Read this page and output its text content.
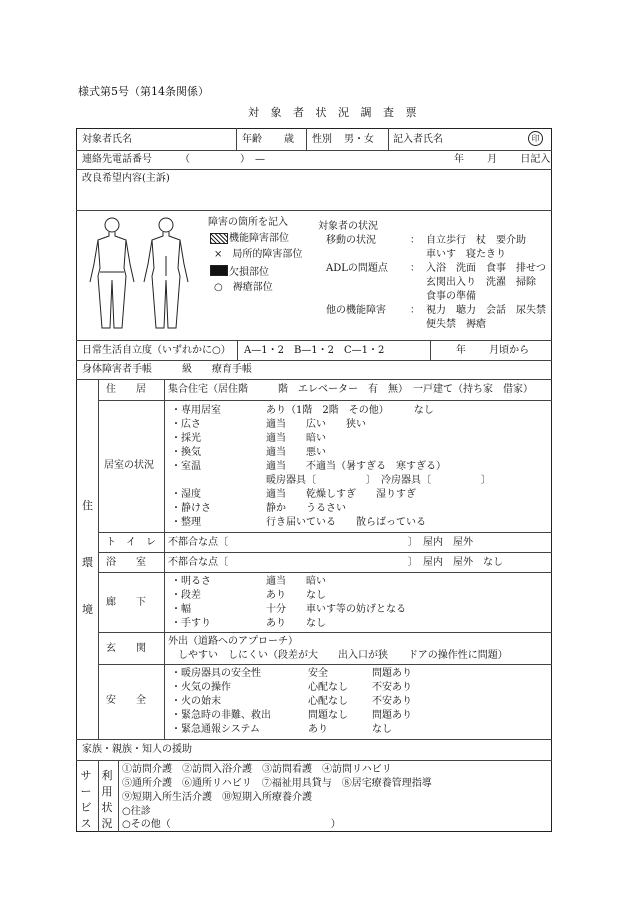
様式第5号（第14条関係）
対 象 者 状 況 調 査 票
対象者氏名	年齢 歳 性別 男・女 記入者氏名	印
連絡先電話番号	（　　　　　）　—	年　　 月　　 日記入
改良希望内容(主訴)
障害の箇所を記入
機能障害部位
×　局所的障害部位
欠損部位
○　褥瘡部位
対象者の状況
移動の状況	： 自立歩行　杖　要介助
車いす　寝たきり
ADLの問題点 ： 入浴　洗面　食事　排せつ
玄関出入り　洗濯　掃除
食事の準備
他の機能障害 ： 視力　聴力　会話　尿失禁
便失禁　褥瘡
日常生活自立度（いずれかに○） A—1・2　B—1・2　C—1・2	年　　 月頃から
身体障害者手帳　　　級　　療育手帳
住
環
境
住　　居 集合住宅（居住階　　　階　エレベーター　有　無）　一戸建て（持ち家　借家）
居室の状況
・専用居室	あり（1階　2階　その他）　　　なし
・広さ	適当　　広い　　狭い
・採光	適当　　暗い
・換気	適当　　悪い
・室温	適当　　不適当（暑すぎる　寒すぎる）
暖房器具〔　　　　　〕　冷房器具〔　　　　　〕
・湿度	適当　　乾燥しすぎ　　湿りすぎ
・静けさ	静か　　うるさい
・整理	行き届いている　　散らばっている
ト　イ　レ 不都合な点〔　　　　　　　　　　　　　　　　　　〕　屋内　屋外
浴　　室 不都合な点〔　　　　　　　　　　　　　　　　　　〕　屋内　屋外　なし
廊　　下
・明るさ	適当　　暗い
・段差	あり　　なし
・幅	十分　　車いす等の妨げとなる
・手すり	あり　　なし
玄　　関
外出（道路へのアプローチ）
しやすい　しにくい（段差が大　　出入口が狭　　ドアの操作性に問題）
安　　全
・暖房器具の安全性	安全	問題あり
・火気の操作	心配なし 不安あり
・火の始末	心配なし 不安あり
・緊急時の非難、救出	問題なし 問題あり
・緊急通報システム	あり	なし
家族・親族・知人の援助
サ
ー
ビ
ス
利
用
状
況
①訪問介護　②訪問入浴介護　③訪問看護　④訪問リハビリ
⑤通所介護　⑥通所リハビリ　⑦福祉用具貸与　⑧居宅療養管理指導
⑨短期入所生活介護　⑩短期入所療養介護
○往診
○その他（　　　　　　　　　　　　　　　　）
